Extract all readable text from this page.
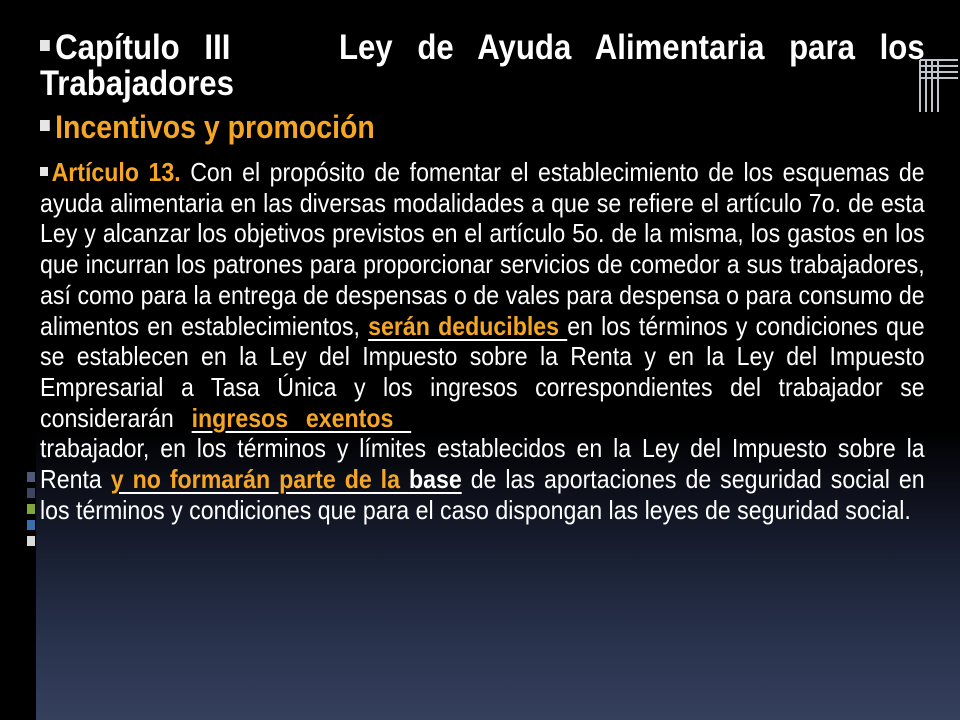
Capítulo III	Ley de Ayuda Alimentaria para los Trabajadores
Incentivos y promoción
Artículo 13. Con el propósito de fomentar el establecimiento de los esquemas de ayuda alimentaria en las diversas modalidades a que se refiere el artículo 7o. de esta Ley y alcanzar los objetivos previstos en el artículo 5o. de la misma, los gastos en los que incurran los patrones para proporcionar servicios de comedor a sus trabajadores, así como para la entrega de despensas o de vales para despensa o para consumo de alimentos en establecimientos, serán deducibles en los términos y condiciones que se establecen en la Ley del Impuesto sobre la Renta y en la Ley del Impuesto Empresarial a Tasa Única y los ingresos correspondientes del trabajador se considerarán ingresos exentos por prestaciones de previsión social para el trabajador, en los términos y límites establecidos en la Ley del Impuesto sobre la Renta y no formarán parte de la base de las aportaciones de seguridad social en los términos y condiciones que para el caso dispongan las leyes de seguridad social.
